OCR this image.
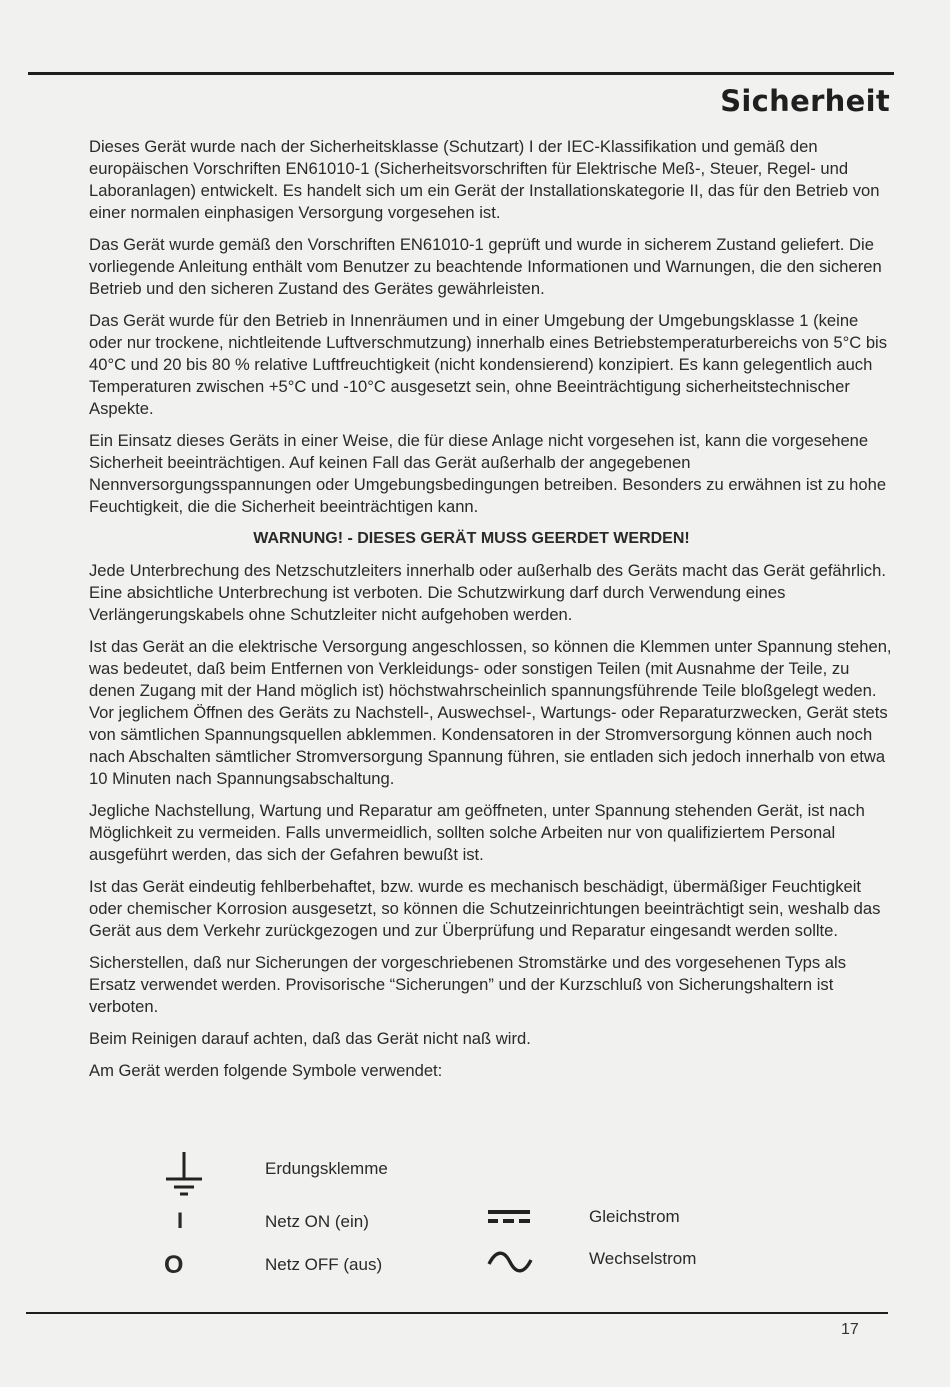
Sicherheit

Dieses Gerät wurde nach der Sicherheitsklasse (Schutzart) I der IEC-Klassifikation und gemäß den europäischen Vorschriften EN61010-1 (Sicherheitsvorschriften für Elektrische Meß-, Steuer, Regel- und Laboranlagen) entwickelt. Es handelt sich um ein Gerät der Installationskategorie II, das für den Betrieb von einer normalen einphasigen Versorgung vorgesehen ist.

Das Gerät wurde gemäß den Vorschriften EN61010-1 geprüft und wurde in sicherem Zustand geliefert. Die vorliegende Anleitung enthält vom Benutzer zu beachtende Informationen und Warnungen, die den sicheren Betrieb und den sicheren Zustand des Gerätes gewährleisten.

Das Gerät wurde für den Betrieb in Innenräumen und in einer Umgebung der Umgebungsklasse 1 (keine oder nur trockene, nichtleitende Luftverschmutzung) innerhalb eines Betriebstemperaturbereichs von 5°C bis 40°C und 20 bis 80 % relative Luftfreuchtigkeit (nicht kondensierend) konzipiert. Es kann gelegentlich auch Temperaturen zwischen +5°C und -10°C ausgesetzt sein, ohne Beeinträchtigung sicherheitstechnischer Aspekte.

Ein Einsatz dieses Geräts in einer Weise, die für diese Anlage nicht vorgesehen ist, kann die vorgesehene Sicherheit beeinträchtigen. Auf keinen Fall das Gerät außerhalb der angegebenen Nennversorgungsspannungen oder Umgebungsbedingungen betreiben. Besonders zu erwähnen ist zu hohe Feuchtigkeit, die die Sicherheit beeinträchtigen kann.

WARNUNG! - DIESES GERÄT MUSS GEERDET WERDEN!

Jede Unterbrechung des Netzschutzleiters innerhalb oder außerhalb des Geräts macht das Gerät gefährlich. Eine absichtliche Unterbrechung ist verboten. Die Schutzwirkung darf durch Verwendung eines Verlängerungskabels ohne Schutzleiter nicht aufgehoben werden.

Ist das Gerät an die elektrische Versorgung angeschlossen, so können die Klemmen unter Spannung stehen, was bedeutet, daß beim Entfernen von Verkleidungs- oder sonstigen Teilen (mit Ausnahme der Teile, zu denen Zugang mit der Hand möglich ist) höchstwahrscheinlich spannungsführende Teile bloßgelegt weden. Vor jeglichem Öffnen des Geräts zu Nachstell-, Auswechsel-, Wartungs- oder Reparaturzwecken, Gerät stets von sämtlichen Spannungsquellen abklemmen. Kondensatoren in der Stromversorgung können auch noch nach Abschalten sämtlicher Stromversorgung Spannung führen, sie entladen sich jedoch innerhalb von etwa 10 Minuten nach Spannungsabschaltung.

Jegliche Nachstellung, Wartung und Reparatur am geöffneten, unter Spannung stehenden Gerät, ist nach Möglichkeit zu vermeiden. Falls unvermeidlich, sollten solche Arbeiten nur von qualifiziertem Personal ausgeführt werden, das sich der Gefahren bewußt ist.

Ist das Gerät eindeutig fehlberbehaftet, bzw. wurde es mechanisch beschädigt, übermäßiger Feuchtigkeit oder chemischer Korrosion ausgesetzt, so können die Schutzeinrichtungen beeinträchtigt sein, weshalb das Gerät aus dem Verkehr zurückgezogen und zur Überprüfung und Reparatur eingesandt werden sollte.

Sicherstellen, daß nur Sicherungen der vorgeschriebenen Stromstärke und des vorgesehenen Typs als Ersatz verwendet werden. Provisorische “Sicherungen” und der Kurzschluß von Sicherungshaltern ist verboten.

Beim Reinigen darauf achten, daß das Gerät nicht naß wird.

Am Gerät werden folgende Symbole verwendet:

Erdungsklemme
I	Netz ON (ein)
O	Netz OFF (aus)
Gleichstrom
Wechselstrom
17
